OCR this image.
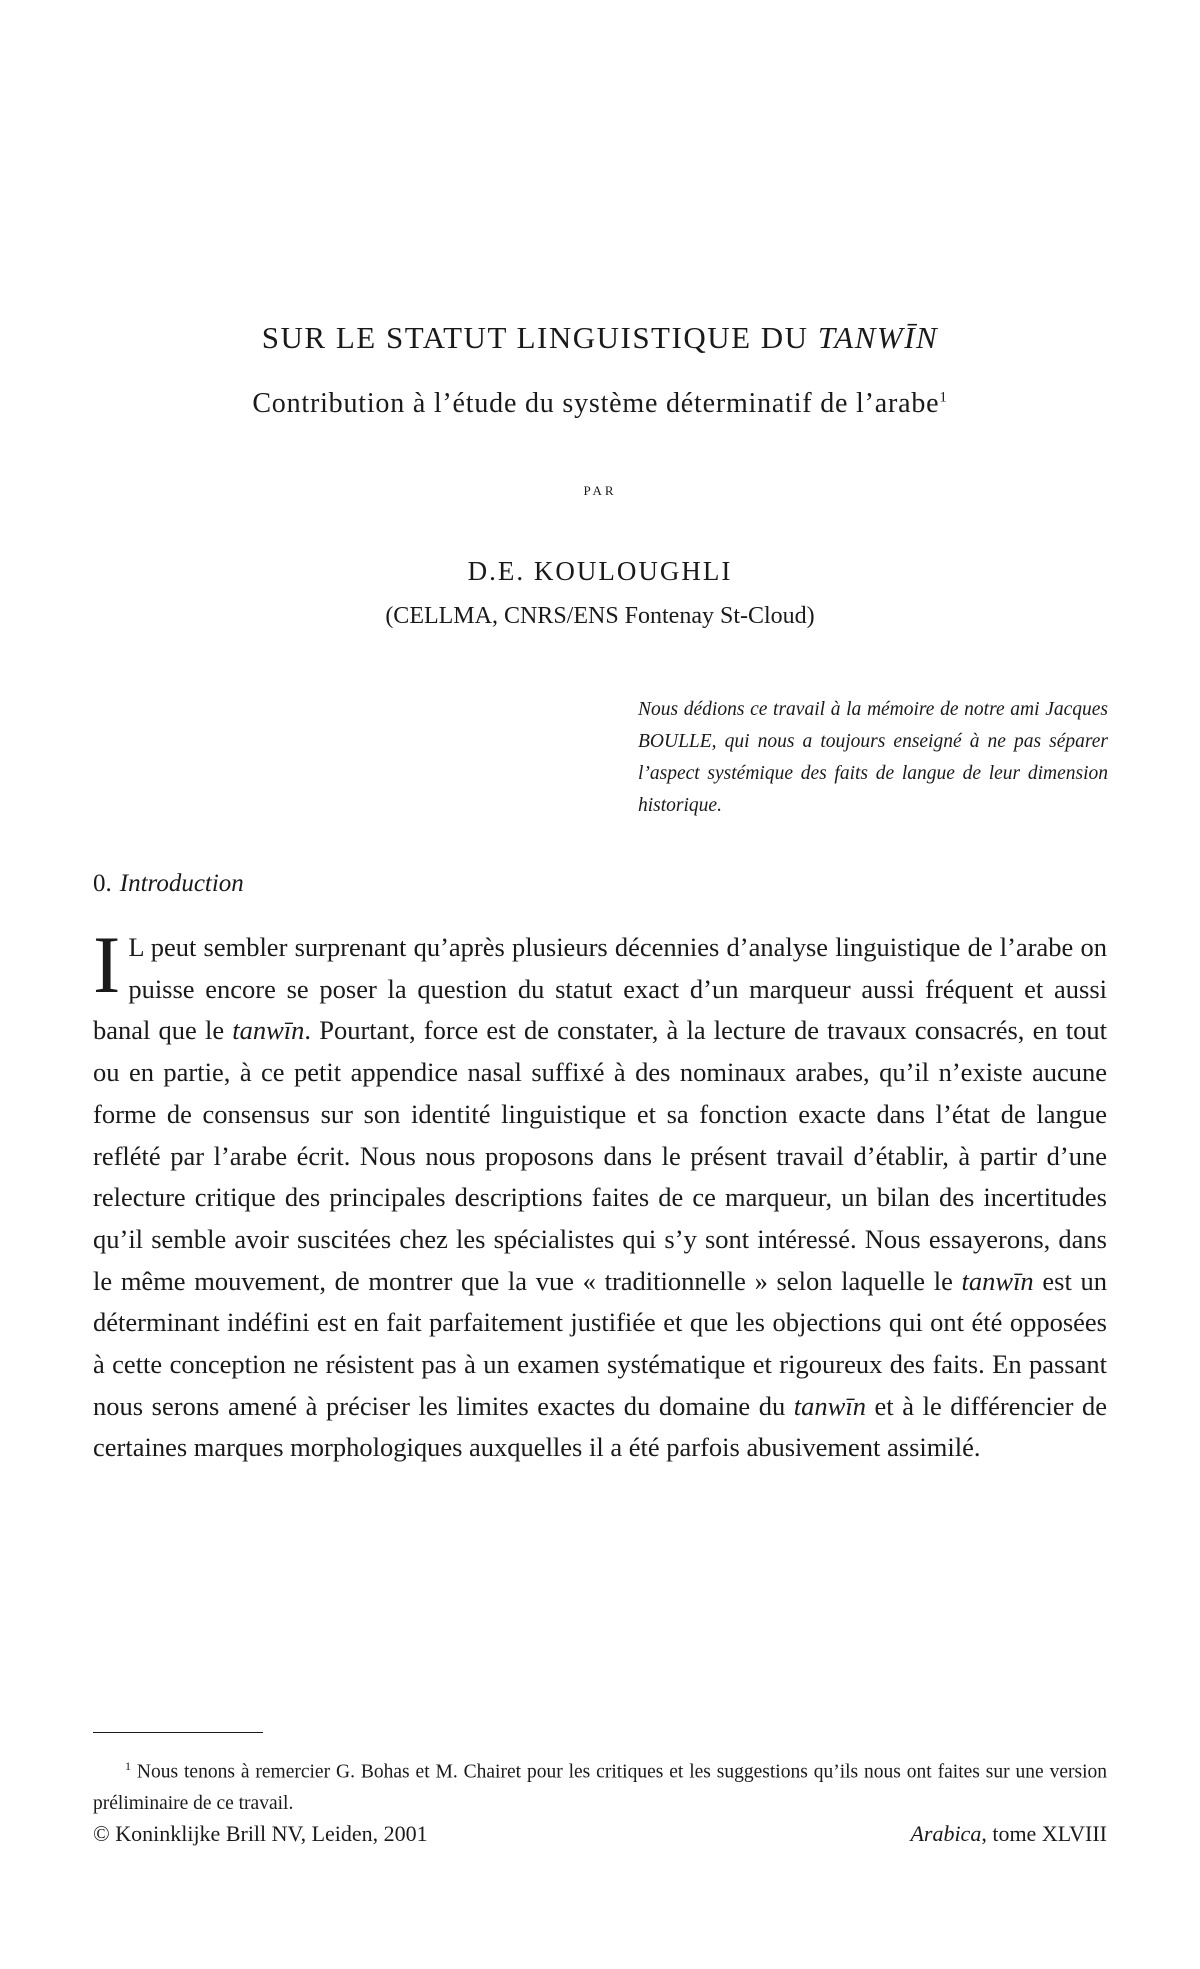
SUR LE STATUT LINGUISTIQUE DU TANWĪN
Contribution à l’étude du système déterminatif de l’arabe$^1$
PAR
D.E. KOULOUGHLI
(CELLMA, CNRS/ENS Fontenay St-Cloud)
Nous dédions ce travail à la mémoire de notre ami Jacques BOULLE, qui nous a toujours enseigné à ne pas séparer l’aspect systémique des faits de langue de leur dimension historique.
0. Introduction
I L peut sembler surprenant qu’après plusieurs décennies d’analyse linguistique de l’arabe on puisse encore se poser la question du statut exact d’un marqueur aussi fréquent et aussi banal que le tanwīn. Pourtant, force est de constater, à la lecture de travaux consacrés, en tout ou en partie, à ce petit appendice nasal suffixé à des nominaux arabes, qu’il n’existe aucune forme de consensus sur son identité linguistique et sa fonction exacte dans l’état de langue reflété par l’arabe écrit. Nous nous proposons dans le présent travail d’établir, à partir d’une relecture critique des principales descriptions faites de ce marqueur, un bilan des incertitudes qu’il semble avoir suscitées chez les spécialistes qui s’y sont intéressé. Nous essayerons, dans le même mouvement, de montrer que la vue « traditionnelle » selon laquelle le tanwīn est un déterminant indéfini est en fait parfaitement justifiée et que les objections qui ont été opposées à cette conception ne résistent pas à un examen systématique et rigoureux des faits. En passant nous serons amené à préciser les limites exactes du domaine du tanwīn et à le différencier de certaines marques morphologiques auxquelles il a été parfois abusivement assimilé.
$^1$ Nous tenons à remercier G. Bohas et M. Chairet pour les critiques et les suggestions qu’ils nous ont faites sur une version préliminaire de ce travail.
© Koninklijke Brill NV, Leiden, 2001	Arabica, tome XLVIII
